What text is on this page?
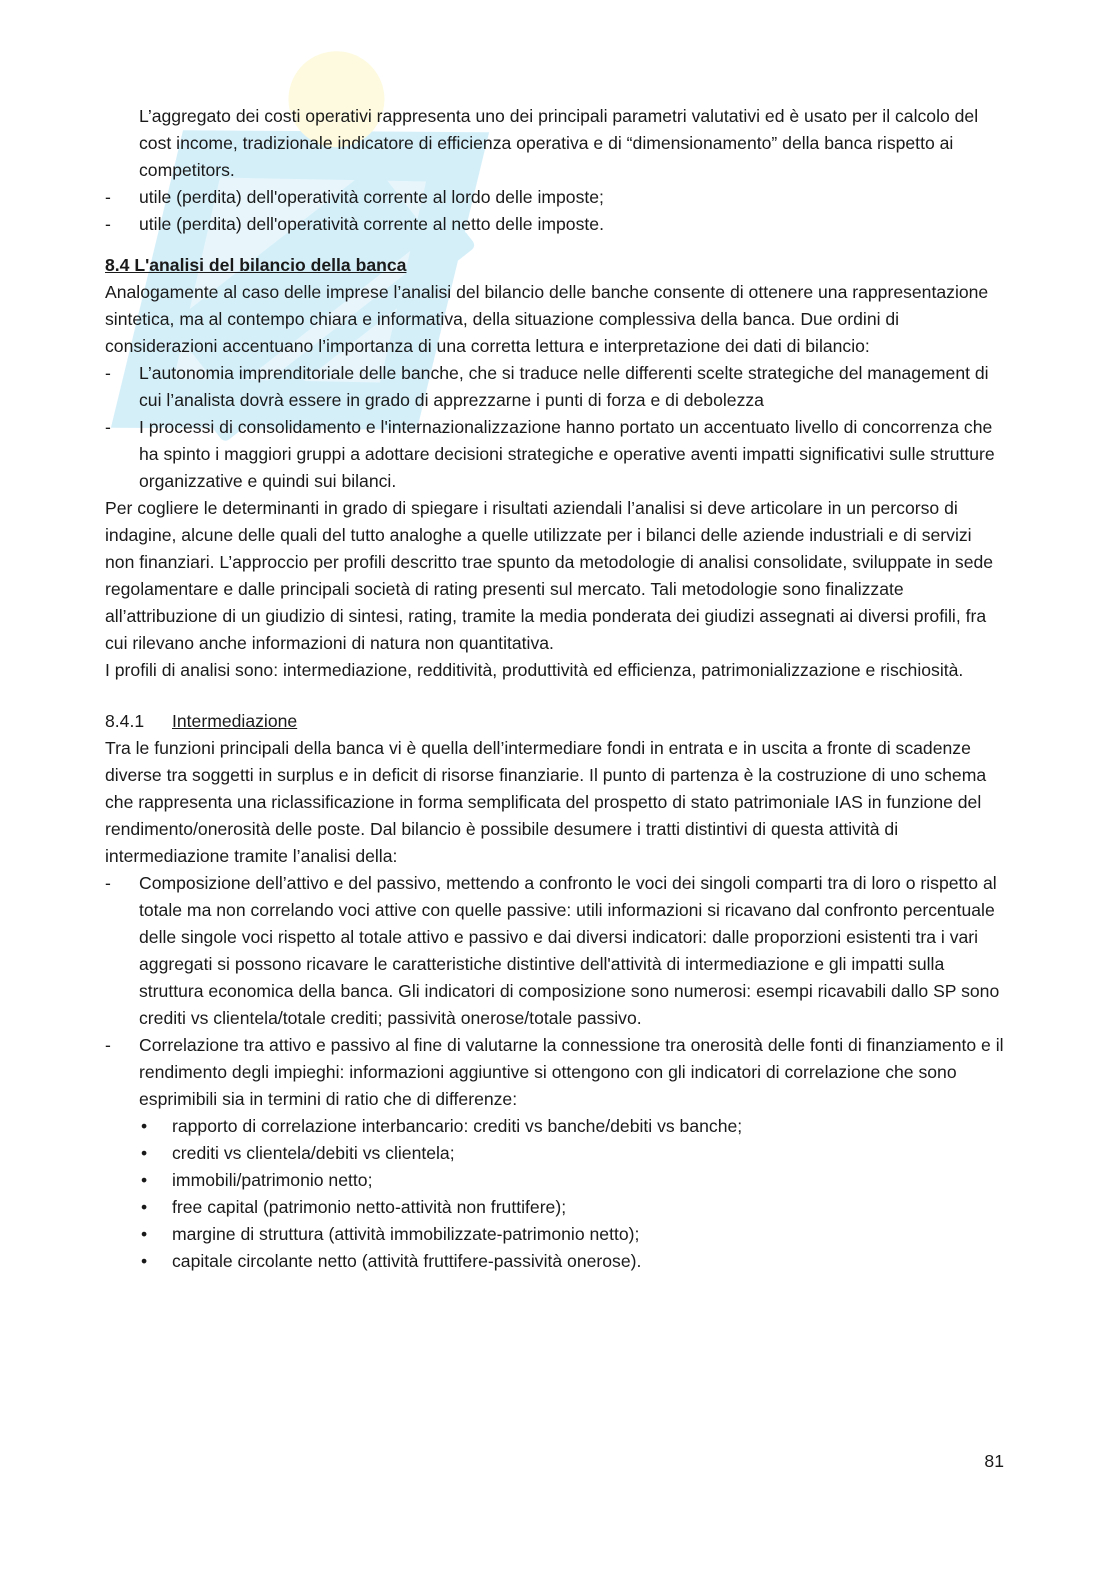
L’aggregato dei costi operativi rappresenta uno dei principali parametri valutativi ed è usato per il calcolo del cost income, tradizionale indicatore di efficienza operativa e di “dimensionamento” della banca rispetto ai competitors.

-	utile (perdita) dell'operatività corrente al lordo delle imposte;
-	utile (perdita) dell'operatività corrente al netto delle imposte.

8.4 L'analisi del bilancio della banca

Analogamente al caso delle imprese l’analisi del bilancio delle banche consente di ottenere una rappresentazione sintetica, ma al contempo chiara e informativa, della situazione complessiva della banca. Due ordini di considerazioni accentuano l’importanza di una corretta lettura e interpretazione dei dati di bilancio:

-	L’autonomia imprenditoriale delle banche, che si traduce nelle differenti scelte strategiche del management di cui l’analista dovrà essere in grado di apprezzarne i punti di forza e di debolezza
-	I processi di consolidamento e l'internazionalizzazione hanno portato un accentuato livello di concorrenza che ha spinto i maggiori gruppi a adottare decisioni strategiche e operative aventi impatti significativi sulle strutture organizzative e quindi sui bilanci.

Per cogliere le determinanti in grado di spiegare i risultati aziendali l’analisi si deve articolare in un percorso di indagine, alcune delle quali del tutto analoghe a quelle utilizzate per i bilanci delle aziende industriali e di servizi non finanziari. L’approccio per profili descritto trae spunto da metodologie di analisi consolidate, sviluppate in sede regolamentare e dalle principali società di rating presenti sul mercato. Tali metodologie sono finalizzate all’attribuzione di un giudizio di sintesi, rating, tramite la media ponderata dei giudizi assegnati ai diversi profili, fra cui rilevano anche informazioni di natura non quantitativa.

I profili di analisi sono: intermediazione, redditività, produttività ed efficienza, patrimonializzazione e rischiosità.

8.4.1 Intermediazione

Tra le funzioni principali della banca vi è quella dell’intermediare fondi in entrata e in uscita a fronte di scadenze diverse tra soggetti in surplus e in deficit di risorse finanziarie. Il punto di partenza è la costruzione di uno schema che rappresenta una riclassificazione in forma semplificata del prospetto di stato patrimoniale IAS in funzione del rendimento/onerosità delle poste. Dal bilancio è possibile desumere i tratti distintivi di questa attività di intermediazione tramite l’analisi della:

-	Composizione dell’attivo e del passivo, mettendo a confronto le voci dei singoli comparti tra di loro o rispetto al totale ma non correlando voci attive con quelle passive: utili informazioni si ricavano dal confronto percentuale delle singole voci rispetto al totale attivo e passivo e dai diversi indicatori: dalle proporzioni esistenti tra i vari aggregati si possono ricavare le caratteristiche distintive dell'attività di intermediazione e gli impatti sulla struttura economica della banca. Gli indicatori di composizione sono numerosi: esempi ricavabili dallo SP sono crediti vs clientela/totale crediti; passività onerose/totale passivo.
-	Correlazione tra attivo e passivo al fine di valutarne la connessione tra onerosità delle fonti di finanziamento e il rendimento degli impieghi: informazioni aggiuntive si ottengono con gli indicatori di correlazione che sono esprimibili sia in termini di ratio che di differenze:
• rapporto di correlazione interbancario: crediti vs banche/debiti vs banche;
• crediti vs clientela/debiti vs clientela;
• immobili/patrimonio netto;
• free capital (patrimonio netto-attività non fruttifere);
• margine di struttura (attività immobilizzate-patrimonio netto);
• capitale circolante netto (attività fruttifere-passività onerose).
81
